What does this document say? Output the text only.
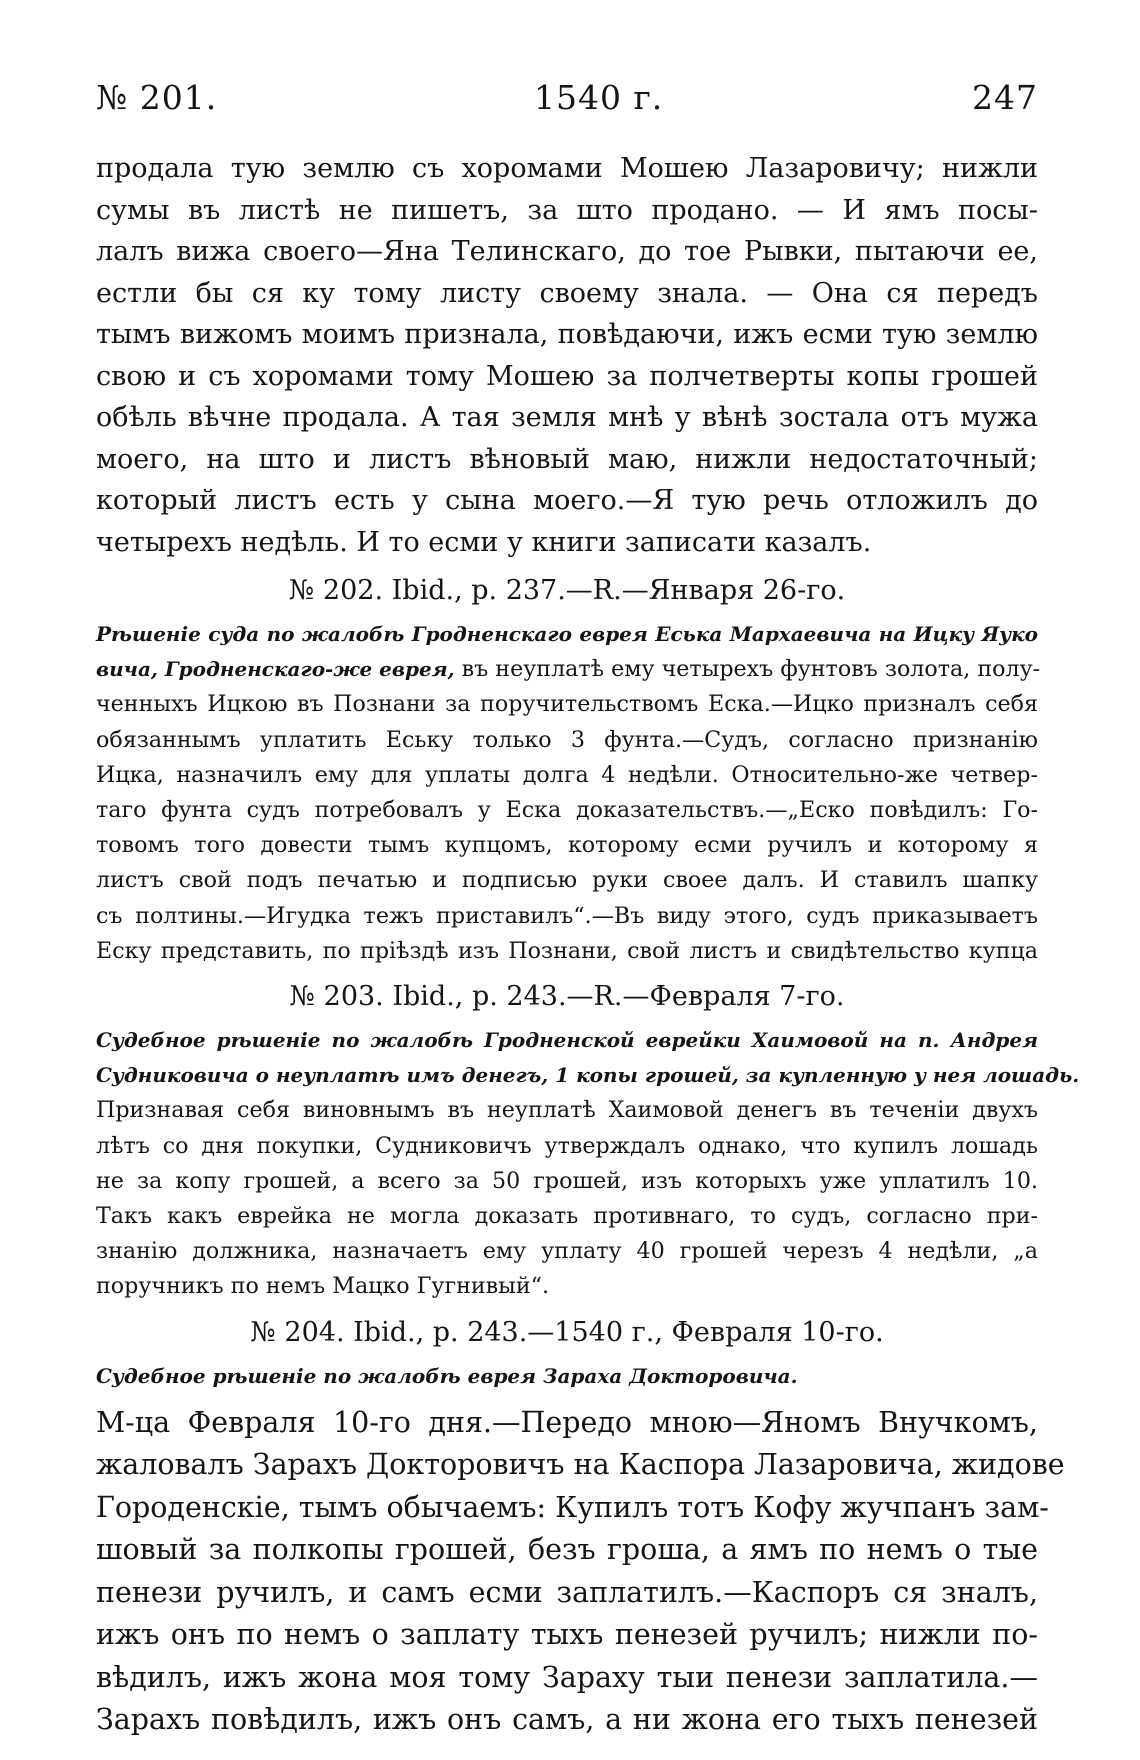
№ 201.	1540 г.	247
продала тую землю съ хоромами Мошею Лазаровичу; нижли
сумы въ листѣ не пишетъ, за што продано. — И ямъ посы-
лалъ вижа своего—Яна Телинскаго, до тое Рывки, пытаючи ее,
естли бы ся ку тому листу своему знала. — Она ся передъ
тымъ вижомъ моимъ признала, повѣдаючи, ижъ есми тую землю
свою и съ хоромами тому Мошею за полчетверты копы грошей
обѣль вѣчне продала. А тая земля мнѣ у вѣнѣ зостала отъ мужа
моего, на што и листъ вѣновый маю, нижли недостаточный;
который листъ есть у сына моего.—Я тую речь отложилъ до
четырехъ недѣль. И то есми у книги записати казалъ.
№ 202. Ibid., р. 237.—R.—Января 26-го.
Рѣшеніе суда по жалобѣ Гродненскаго еврея Еська Мархаевича на Ицку Яуко
вича, Гродненскаго-же еврея, въ неуплатѣ ему четырехъ фунтовъ золота, полу-
ченныхъ Ицкою въ Познани за поручительствомъ Еска.—Ицко призналъ себя
обязаннымъ уплатить Еську только 3 фунта.—Судъ, согласно признанію
Ицка, назначилъ ему для уплаты долга 4 недѣли. Относительно-же четвер-
таго фунта судъ потребовалъ у Еска доказательствъ.—„Еско повѣдилъ: Го-
товомъ того довести тымъ купцомъ, которому есми ручилъ и которому я
листъ свой подъ печатью и подписью руки своее далъ. И ставилъ шапку
съ полтины.—Игудка тежъ приставилъ“.—Въ виду этого, судъ приказываетъ
Еску представить, по пріѣздѣ изъ Познани, свой листъ и свидѣтельство купца
№ 203. Ibid., р. 243.—R.—Февраля 7-го.
Судебное рѣшеніе по жалобѣ Гродненской еврейки Хаимовой на п. Андрея
Судниковича о неуплатѣ имъ денегъ, 1 копы грошей, за купленную у нея лошадь.
Признавая себя виновнымъ въ неуплатѣ Хаимовой денегъ въ теченіи двухъ
лѣтъ со дня покупки, Судниковичъ утверждалъ однако, что купилъ лошадь
не за копу грошей, а всего за 50 грошей, изъ которыхъ уже уплатилъ 10.
Такъ какъ еврейка не могла доказать противнаго, то судъ, согласно при-
знанію должника, назначаетъ ему уплату 40 грошей черезъ 4 недѣли, „а
поручникъ по немъ Мацко Гугнивый“.
№ 204. Ibid., р. 243.—1540 г., Февраля 10-го.
Судебное рѣшеніе по жалобѣ еврея Зараха Докторовича.
М-ца Февраля 10-го дня.—Передо мною—Яномъ Внучкомъ,
жаловалъ Зарахъ Докторовичъ на Каспора Лазаровича, жидове
Городенскіе, тымъ обычаемъ: Купилъ тотъ Кофу жучпанъ зам-
шовый за полкопы грошей, безъ гроша, а ямъ по немъ о тые
пенези ручилъ, и самъ есми заплатилъ.—Каспоръ ся зналъ,
ижъ онъ по немъ о заплату тыхъ пенезей ручилъ; нижли по-
вѣдилъ, ижъ жона моя тому Зараху тыи пенези заплатила.—
Зарахъ повѣдилъ, ижъ онъ самъ, а ни жона его тыхъ пенезей
